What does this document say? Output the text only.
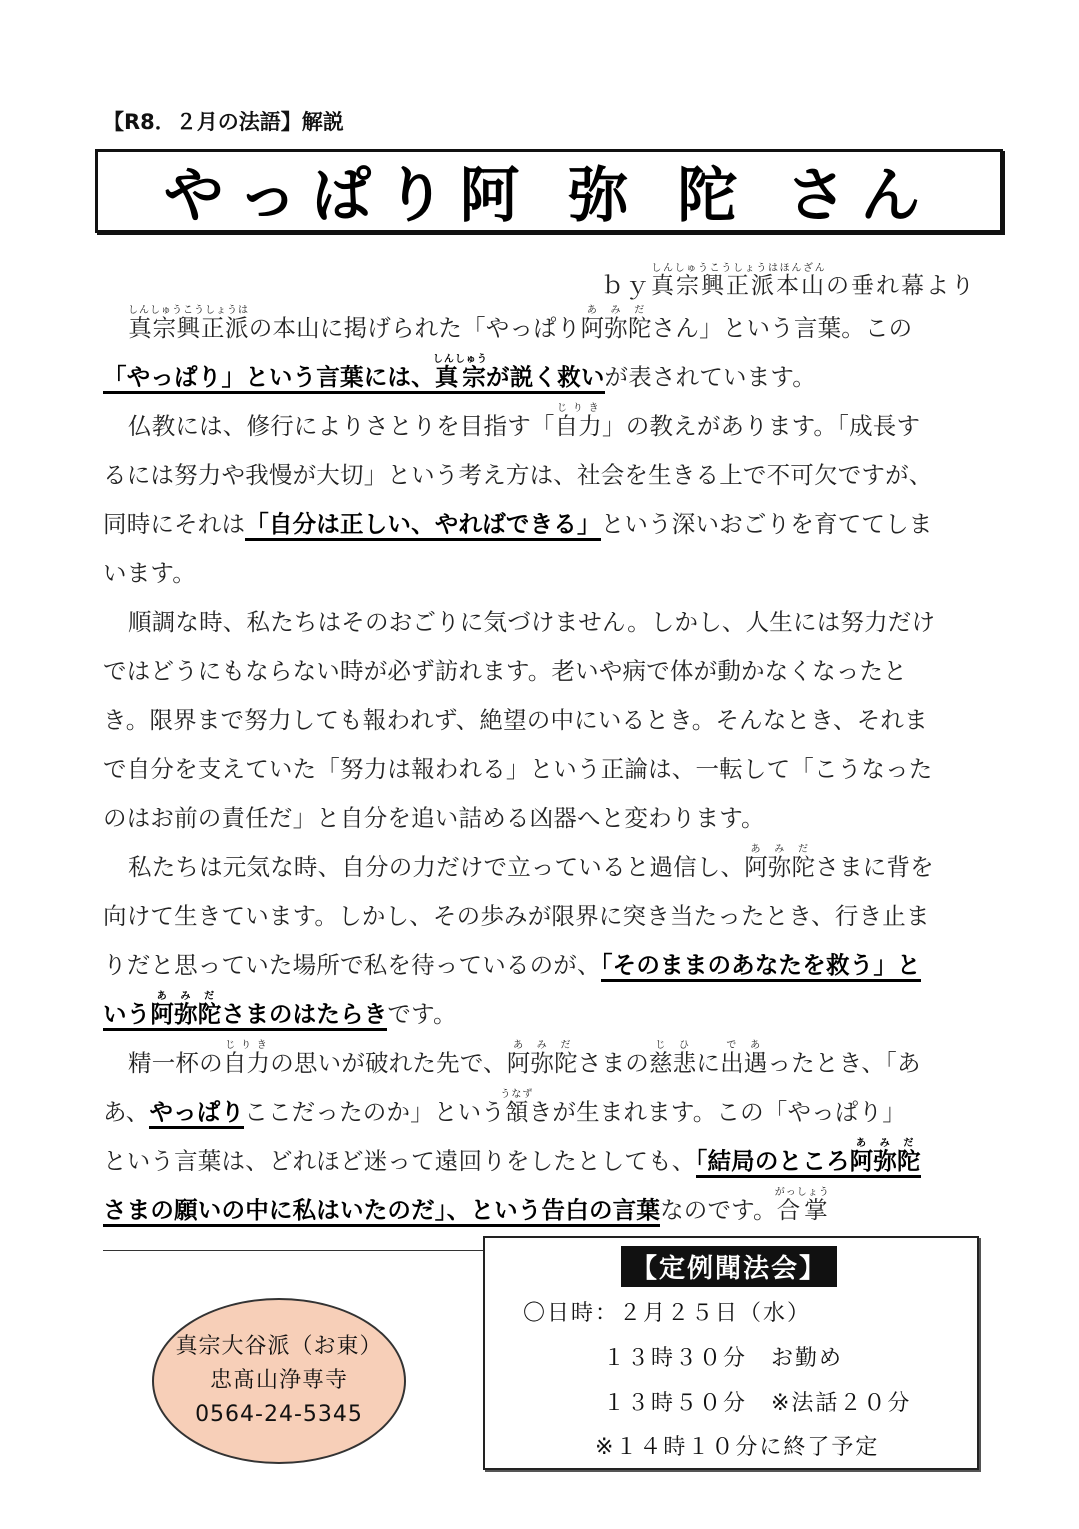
【R8．２月の法語】解説
やっぱり阿 弥 陀 さん
ｂｙ真宗興正派本山しんしゅうこうしょうはほんざんの垂れ幕より
真宗興正派しんしゅうこうしょうはの本山に掲げられた「やっぱり阿弥陀あみださん」という言葉。この
「やっぱり」という言葉には、真宗しんしゅうが説く救いが表されています。
仏教には、修行によりさとりを目指す「自力じりき」の教えがあります。「成長す
るには努力や我慢が大切」という考え方は、社会を生きる上で不可欠ですが、
同時にそれは「自分は正しい、やればできる」という深いおごりを育ててしま
います。
順調な時、私たちはそのおごりに気づけません。しかし、人生には努力だけ
ではどうにもならない時が必ず訪れます。老いや病で体が動かなくなったと
き。限界まで努力しても報われず、絶望の中にいるとき。そんなとき、それま
で自分を支えていた「努力は報われる」という正論は、一転して「こうなった
のはお前の責任だ」と自分を追い詰める凶器へと変わります。
私たちは元気な時、自分の力だけで立っていると過信し、阿弥陀あみださまに背を
向けて生きています。しかし、その歩みが限界に突き当たったとき、行き止ま
りだと思っていた場所で私を待っているのが、「そのままのあなたを救う」と
いう阿弥陀あみださまのはたらきです。
精一杯の自力じりきの思いが破れた先で、阿弥陀あみださまの慈悲じひに出遇であったとき、「あ
あ、やっぱりここだったのか」という頷うなずきが生まれます。この「やっぱり」
という言葉は、どれほど迷って遠回りをしたとしても、「結局のところ阿弥陀あみだ
さまの願いの中に私はいたのだ」、という告白の言葉なのです。合掌がっしょう
真宗大谷派（お東）
忠髙山浄専寺
0564-24-5345
【定例聞法会】
〇日時：２月２５日（水）
１３時３０分　お勤め
１３時５０分　※法話２０分
※１４時１０分に終了予定
